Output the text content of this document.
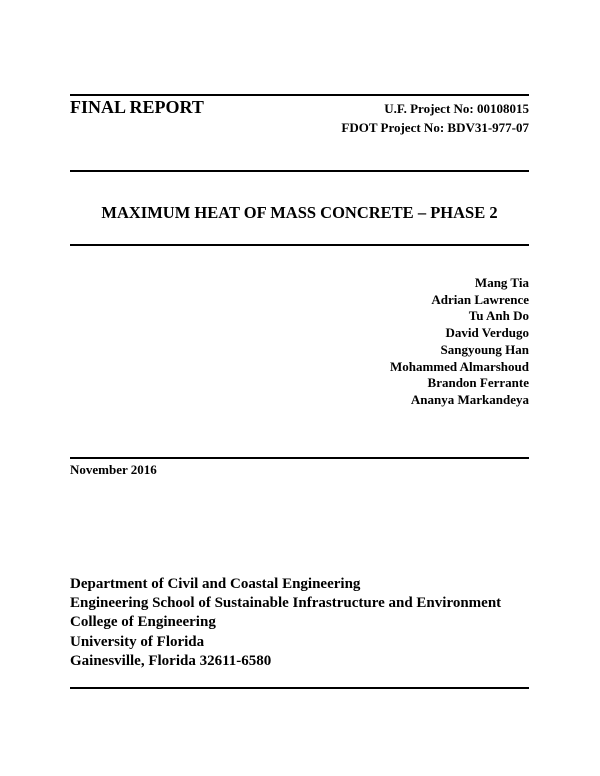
FINAL REPORT	U.F. Project No: 00108015
FDOT Project No: BDV31-977-07
MAXIMUM HEAT OF MASS CONCRETE – PHASE 2
Mang Tia
Adrian Lawrence
Tu Anh Do
David Verdugo
Sangyoung Han
Mohammed Almarshoud
Brandon Ferrante
Ananya Markandeya
November 2016
Department of Civil and Coastal Engineering
Engineering School of Sustainable Infrastructure and Environment
College of Engineering
University of Florida
Gainesville, Florida 32611-6580
